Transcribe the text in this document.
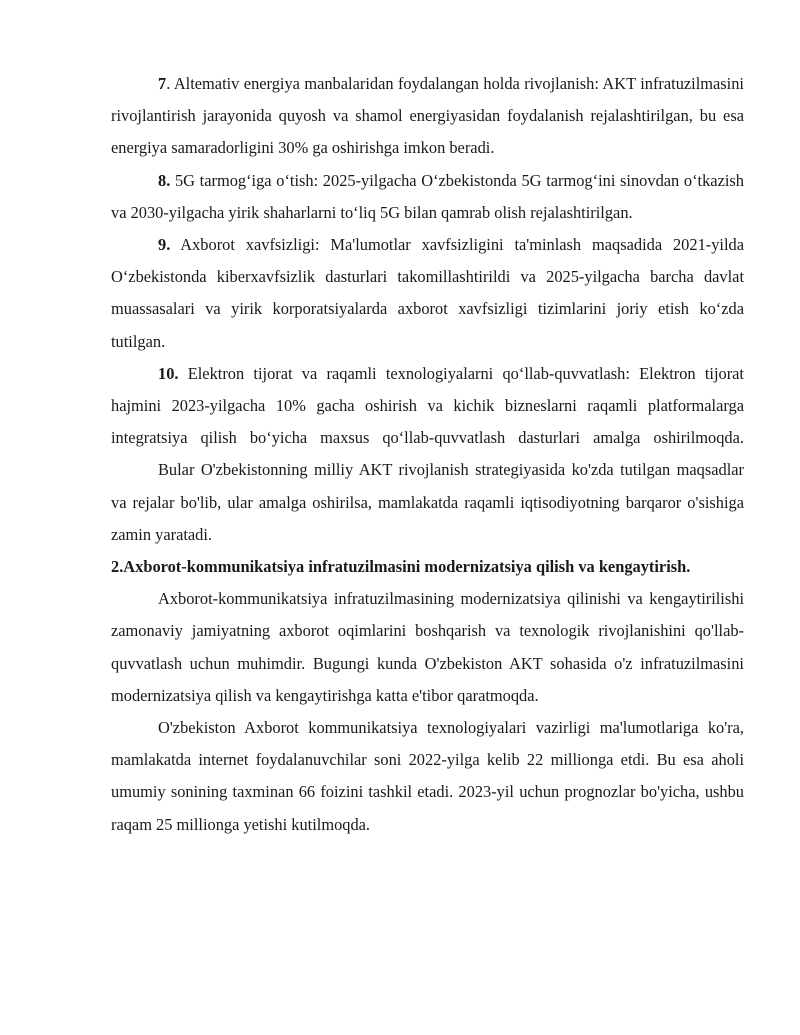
7. Altemativ energiya manbalaridan foydalangan holda rivojlanish: AKT infratuzilmasini rivojlantirish jarayonida quyosh va shamol energiyasidan foydalanish rejalashtirilgan, bu esa energiya samaradorligini 30% ga oshirishga imkon beradi.

8. 5G tarmog‘iga o‘tish: 2025-yilgacha O‘zbekistonda 5G tarmog‘ini sinovdan o‘tkazish va 2030-yilgacha yirik shaharlarni to‘liq 5G bilan qamrab olish rejalashtirilgan.

9. Axborot xavfsizligi: Ma'lumotlar xavfsizligini ta'minlash maqsadida 2021-yilda O‘zbekistonda kiberxavfsizlik dasturlari takomillashtirildi va 2025-yilgacha barcha davlat muassasalari va yirik korporatsiyalarda axborot xavfsizligi tizimlarini joriy etish ko‘zda tutilgan.

10. Elektron tijorat va raqamli texnologiyalarni qo‘llab-quvvatlash: Elektron tijorat hajmini 2023-yilgacha 10% gacha oshirish va kichik bizneslarni raqamli platformalarga integratsiya qilish bo‘yicha maxsus qo‘llab-quvvatlash dasturlari amalga oshirilmoqda.

Bular O'zbekistonning milliy AKT rivojlanish strategiyasida ko'zda tutilgan maqsadlar va rejalar bo'lib, ular amalga oshirilsa, mamlakatda raqamli iqtisodiyotning barqaror o'sishiga zamin yaratadi.

2.Axborot-kommunikatsiya infratuzilmasini modernizatsiya qilish va kengaytirish.

Axborot-kommunikatsiya infratuzilmasining modernizatsiya qilinishi va kengaytirilishi zamonaviy jamiyatning axborot oqimlarini boshqarish va texnologik rivojlanishini qo'llab-quvvatlash uchun muhimdir. Bugungi kunda O'zbekiston AKT sohasida o'z infratuzilmasini modernizatsiya qilish va kengaytirishga katta e'tibor qaratmoqda.

O'zbekiston Axborot kommunikatsiya texnologiyalari vazirligi ma'lumotlariga ko'ra, mamlakatda internet foydalanuvchilar soni 2022-yilga kelib 22 millionga etdi. Bu esa aholi umumiy sonining taxminan 66 foizini tashkil etadi. 2023-yil uchun prognozlar bo'yicha, ushbu raqam 25 millionga yetishi kutilmoqda.
